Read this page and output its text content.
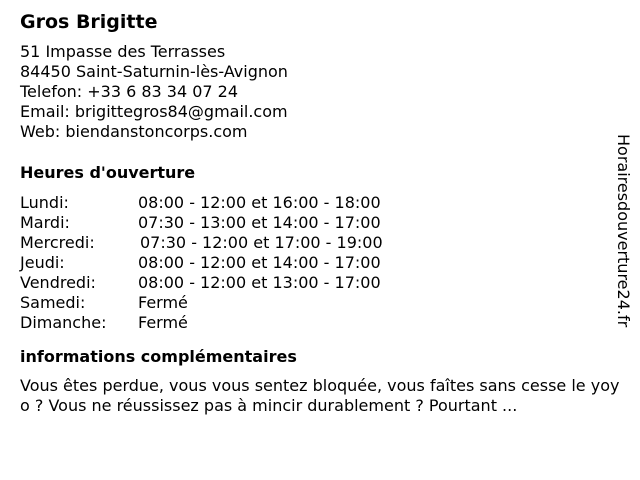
Gros Brigitte
51 Impasse des Terrasses
84450 Saint-Saturnin-lès-Avignon
Telefon: +33 6 83 34 07 24
Email: brigittegros84@gmail.com
Web: biendanstoncorps.com
Heures d'ouverture
Lundi:	08:00 - 12:00 et 16:00 - 18:00
Mardi:	07:30 - 13:00 et 14:00 - 17:00
Mercredi:	07:30 - 12:00 et 17:00 - 19:00
Jeudi:	08:00 - 12:00 et 14:00 - 17:00
Vendredi:	08:00 - 12:00 et 13:00 - 17:00
Samedi:	Fermé
Dimanche:	Fermé
informations complémentaires
Vous êtes perdue, vous vous sentez bloquée, vous faîtes sans cesse le yoyo ? Vous ne réussissez pas à mincir durablement ? Pourtant ...
Horairesdouverture24.fr
